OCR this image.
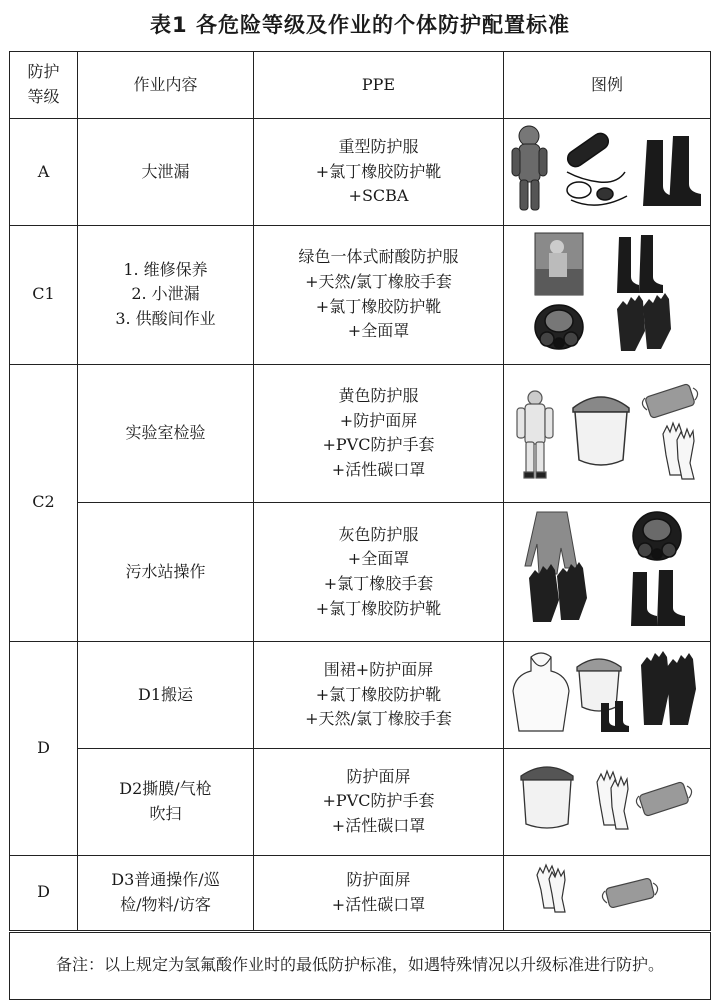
表1 各危险等级及作业的个体防护配置标准
防护
等级	作业内容	PPE	图例
A	大泄漏	重型防护服
+氯丁橡胶防护靴
+SCBA

C1	1. 维修保养
2. 小泄漏
3. 供酸间作业	绿色一体式耐酸防护服
+天然/氯丁橡胶手套
+氯丁橡胶防护靴
+全面罩

C2	实验室检验	黄色防护服
+防护面屏
+PVC防护手套
+活性碳口罩

	污水站操作	灰色防护服
+全面罩
+氯丁橡胶手套
+氯丁橡胶防护靴

D	D1搬运	围裙+防护面屏
+氯丁橡胶防护靴
+天然/氯丁橡胶手套

	D2撕膜/气枪
吹扫	防护面屏
+PVC防护手套
+活性碳口罩

D	D3普通操作/巡
检/物料/访客	防护面屏
+活性碳口罩

备注：以上规定为氢氟酸作业时的最低防护标准，如遇特殊情况以升级标准进行防护。			
